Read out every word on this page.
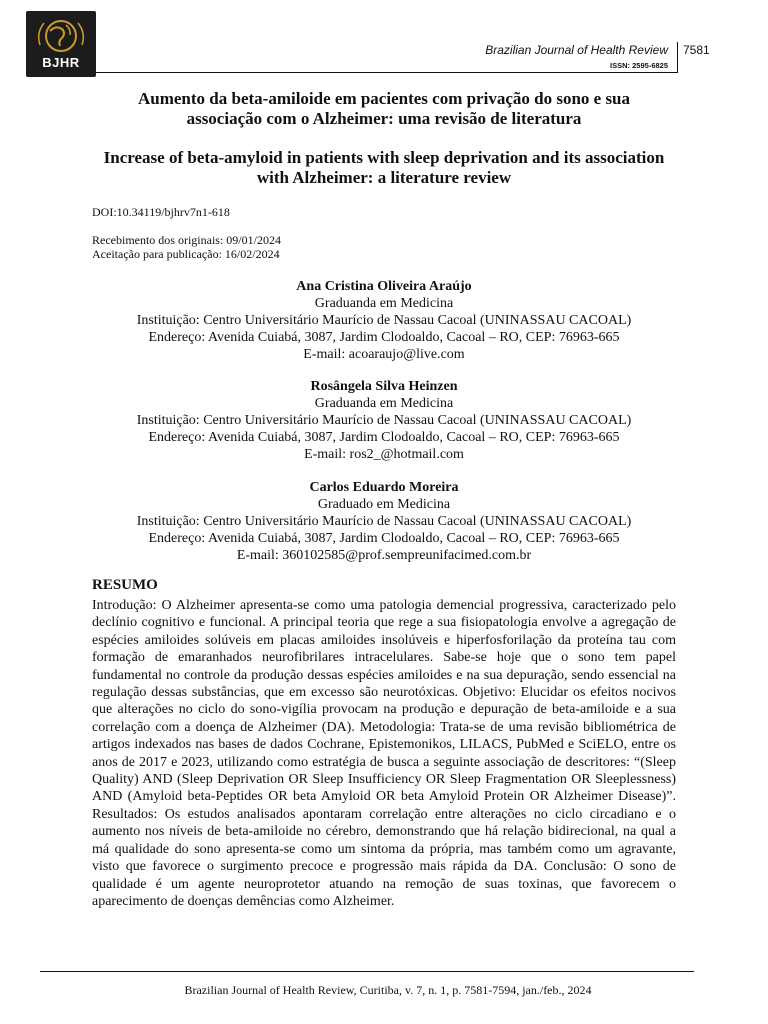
BJHR
Brazilian Journal of Health Review
ISSN: 2595-6825
7581
Aumento da beta-amiloide em pacientes com privação do sono e sua associação com o Alzheimer: uma revisão de literatura
Increase of beta-amyloid in patients with sleep deprivation and its association with Alzheimer: a literature review

DOI:10.34119/bjhrv7n1-618

Recebimento dos originais: 09/01/2024

Aceitação para publicação: 16/02/2024

Ana Cristina Oliveira Araújo
Graduanda em Medicina
Instituição: Centro Universitário Maurício de Nassau Cacoal (UNINASSAU CACOAL)
Endereço: Avenida Cuiabá, 3087, Jardim Clodoaldo, Cacoal – RO, CEP: 76963-665
E-mail: acoaraujo@live.com
Rosângela Silva Heinzen
Graduanda em Medicina
Instituição: Centro Universitário Maurício de Nassau Cacoal (UNINASSAU CACOAL)
Endereço: Avenida Cuiabá, 3087, Jardim Clodoaldo, Cacoal – RO, CEP: 76963-665
E-mail: ros2_@hotmail.com
Carlos Eduardo Moreira
Graduado em Medicina
Instituição: Centro Universitário Maurício de Nassau Cacoal (UNINASSAU CACOAL)
Endereço: Avenida Cuiabá, 3087, Jardim Clodoaldo, Cacoal – RO, CEP: 76963-665
E-mail: 360102585@prof.sempreunifacimed.com.br
RESUMO

Introdução: O Alzheimer apresenta-se como uma patologia demencial progressiva, caracterizado pelo declínio cognitivo e funcional. A principal teoria que rege a sua fisiopatologia envolve a agregação de espécies amiloides solúveis em placas amiloides insolúveis e hiperfosforilação da proteína tau com formação de emaranhados neurofibrilares intracelulares. Sabe-se hoje que o sono tem papel fundamental no controle da produção dessas espécies amiloides e na sua depuração, sendo essencial na regulação dessas substâncias, que em excesso são neurotóxicas. Objetivo: Elucidar os efeitos nocivos que alterações no ciclo do sono-vigília provocam na produção e depuração de beta-amiloide e a sua correlação com a doença de Alzheimer (DA). Metodologia: Trata-se de uma revisão bibliométrica de artigos indexados nas bases de dados Cochrane, Epistemonikos, LILACS, PubMed e SciELO, entre os anos de 2017 e 2023, utilizando como estratégia de busca a seguinte associação de descritores: “(Sleep Quality) AND (Sleep Deprivation OR Sleep Insufficiency OR Sleep Fragmentation OR Sleeplessness) AND (Amyloid beta-Peptides OR beta Amyloid OR beta Amyloid Protein OR Alzheimer Disease)”. Resultados: Os estudos analisados apontaram correlação entre alterações no ciclo circadiano e o aumento nos níveis de beta-amiloide no cérebro, demonstrando que há relação bidirecional, na qual a má qualidade do sono apresenta-se como um sintoma da própria, mas também como um agravante, visto que favorece o surgimento precoce e progressão mais rápida da DA. Conclusão: O sono de qualidade é um agente neuroprotetor atuando na remoção de suas toxinas, que favorecem o aparecimento de doenças demências como Alzheimer.

Brazilian Journal of Health Review, Curitiba, v. 7, n. 1, p. 7581-7594, jan./feb., 2024
